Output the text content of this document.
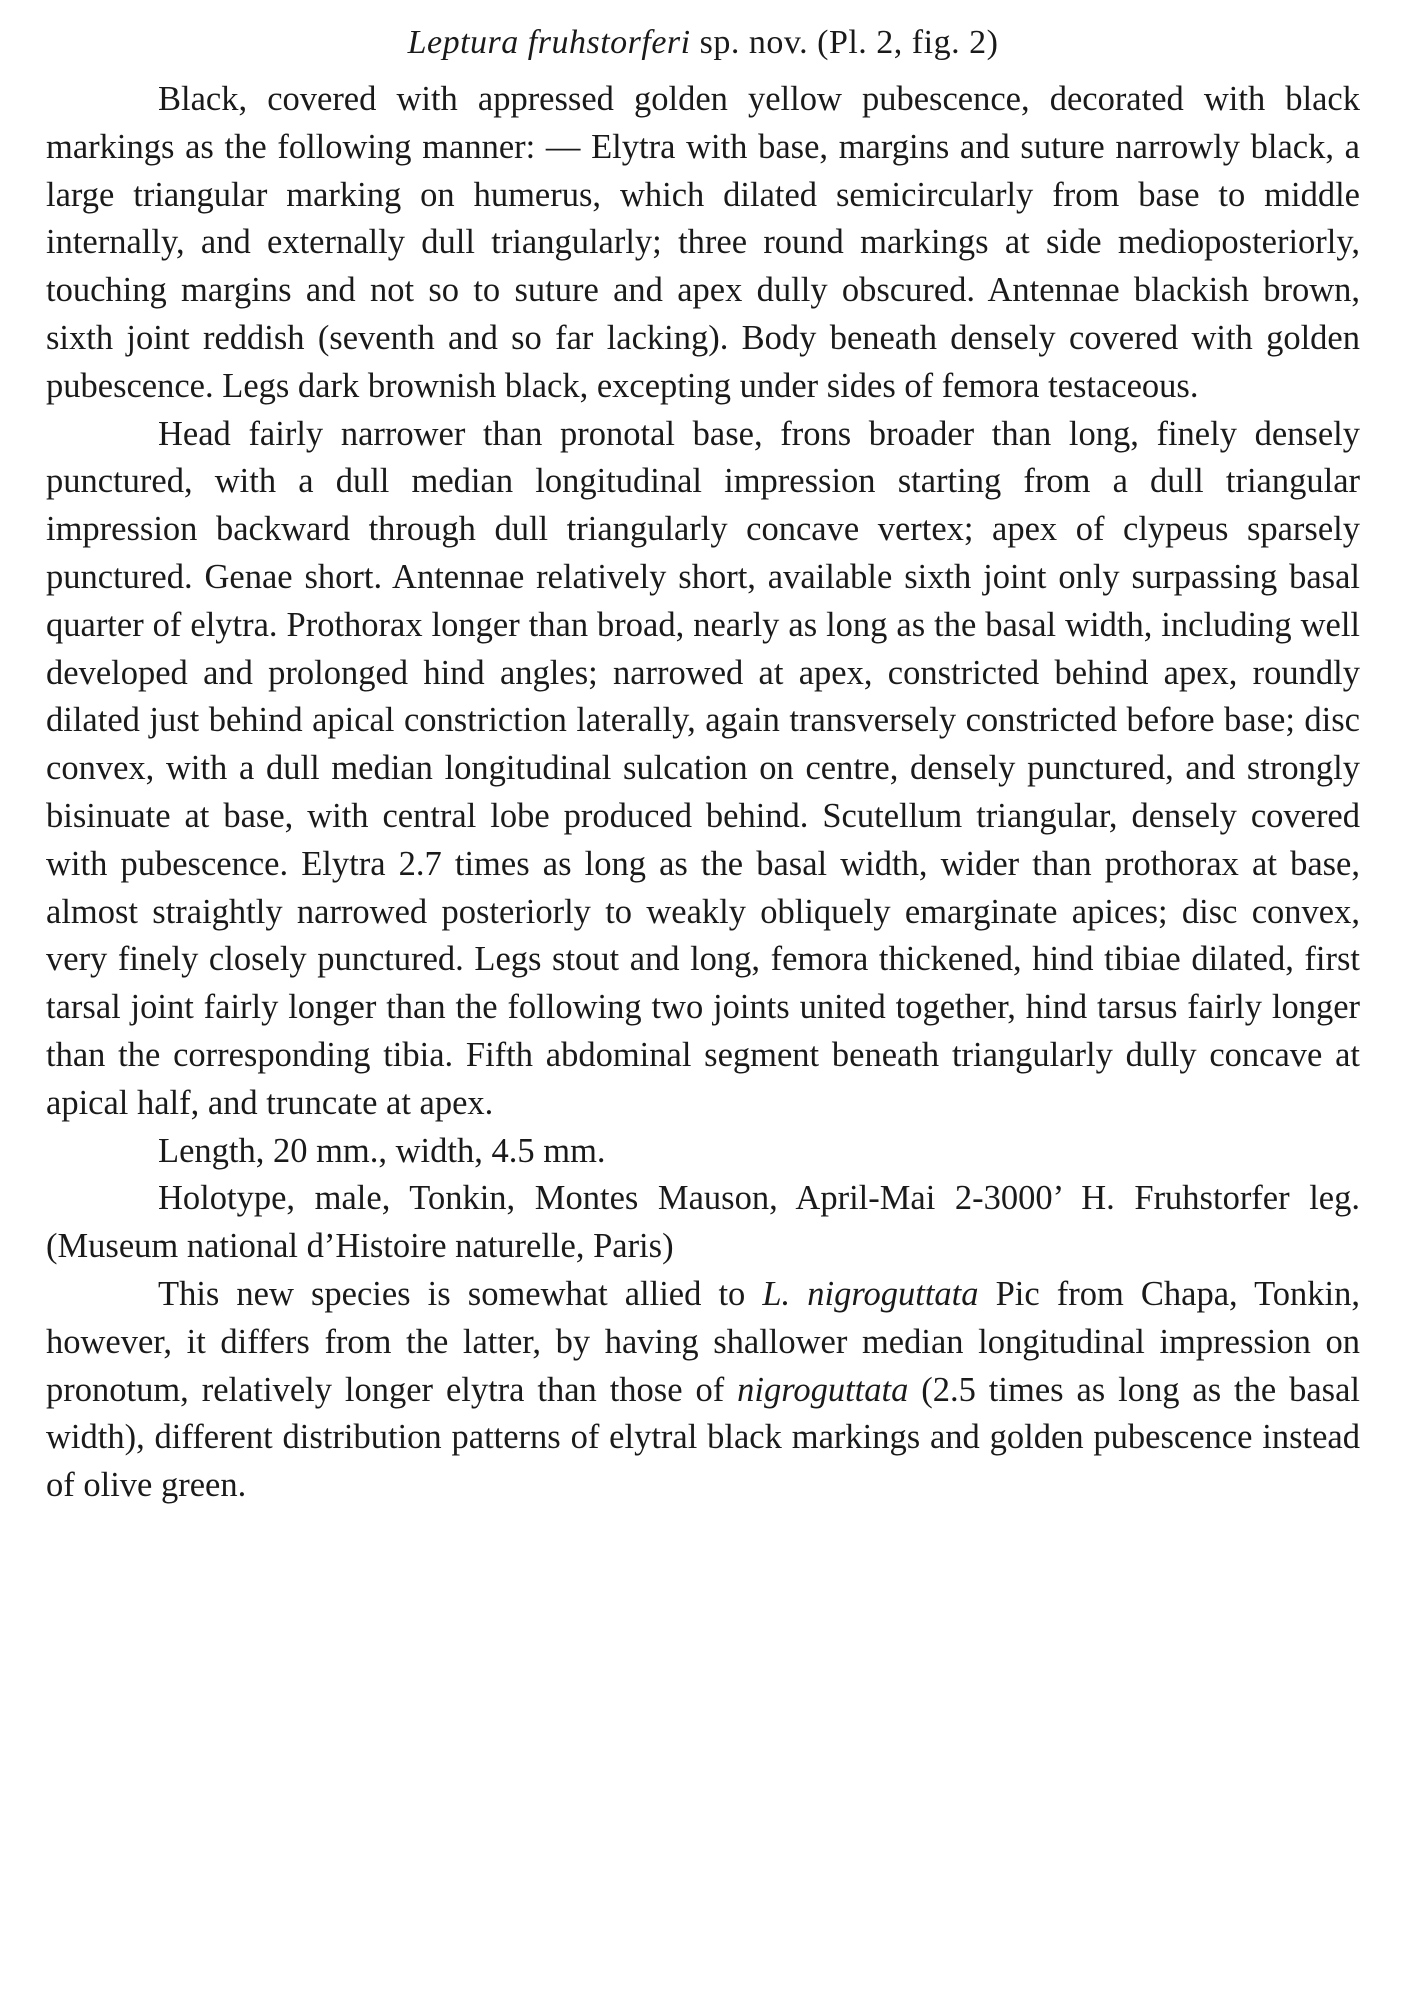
Leptura fruhstorferi sp. nov. (Pl. 2, fig. 2)

Black, covered with appressed golden yellow pubescence, decorated with black markings as the following manner: — Elytra with base, margins and suture narrowly black, a large triangular marking on humerus, which dilated semicircularly from base to middle internally, and externally dull triangularly; three round markings at side medioposteriorly, touching margins and not so to suture and apex dully obscured. Antennae blackish brown, sixth joint reddish (seventh and so far lacking). Body beneath densely covered with golden pubescence. Legs dark brownish black, excepting under sides of femora testaceous.

Head fairly narrower than pronotal base, frons broader than long, finely densely punctured, with a dull median longitudinal impression starting from a dull triangular impression backward through dull triangularly concave vertex; apex of clypeus sparsely punctured. Genae short. Antennae relatively short, available sixth joint only surpassing basal quarter of elytra. Prothorax longer than broad, nearly as long as the basal width, including well developed and prolonged hind angles; narrowed at apex, constricted behind apex, roundly dilated just behind apical constriction laterally, again transversely constricted before base; disc convex, with a dull median longitudinal sulcation on centre, densely punctured, and strongly bisinuate at base, with central lobe produced behind. Scutellum triangular, densely covered with pubescence. Elytra 2.7 times as long as the basal width, wider than prothorax at base, almost straightly narrowed posteriorly to weakly obliquely emarginate apices; disc convex, very finely closely punctured. Legs stout and long, femora thickened, hind tibiae dilated, first tarsal joint fairly longer than the following two joints united together, hind tarsus fairly longer than the corresponding tibia. Fifth abdominal segment beneath triangularly dully concave at apical half, and truncate at apex.

Length, 20 mm., width, 4.5 mm.

Holotype, male, Tonkin, Montes Mauson, April-Mai 2-3000’ H. Fruhstorfer leg. (Museum national d’Histoire naturelle, Paris)

This new species is somewhat allied to L. nigroguttata Pic from Chapa, Tonkin, however, it differs from the latter, by having shallower median longitudinal impression on pronotum, relatively longer elytra than those of nigroguttata (2.5 times as long as the basal width), different distribution patterns of elytral black markings and golden pubescence instead of olive green.
